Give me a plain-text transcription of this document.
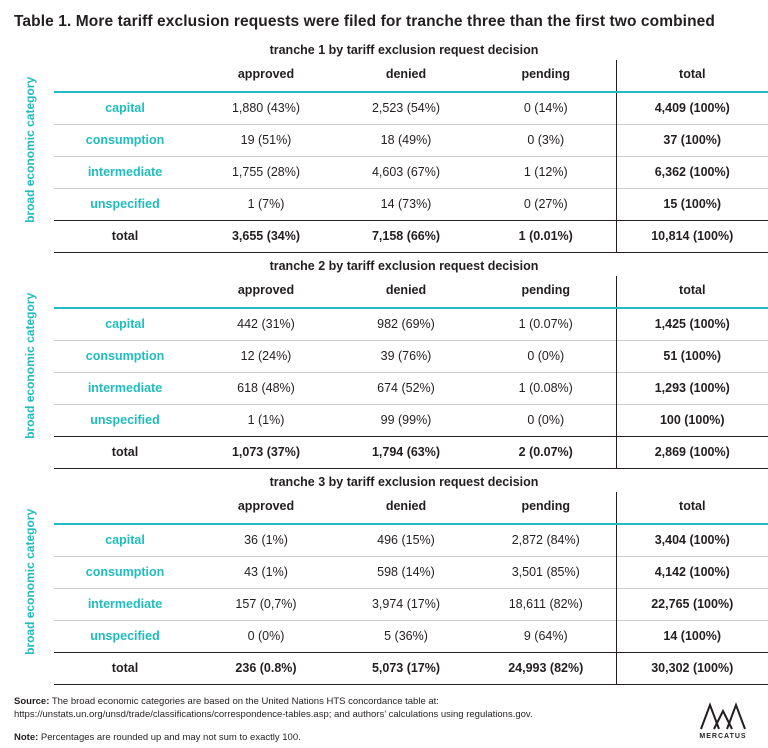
Table 1. More tariff exclusion requests were filed for tranche three than the first two combined
tranche 1 by tariff exclusion request decision
broad economic category
	approved	denied	pending	total
capital	1,880 (43%)	2,523 (54%)	0 (14%)	4,409 (100%)
consumption	19 (51%)	18 (49%)	0 (3%)	37 (100%)
intermediate	1,755 (28%)	4,603 (67%)	1 (12%)	6,362 (100%)
unspecified	1 (7%)	14 (73%)	0 (27%)	15 (100%)
total	3,655 (34%)	7,158 (66%)	1 (0.01%)	10,814 (100%)
tranche 2 by tariff exclusion request decision
broad economic category
	approved	denied	pending	total
capital	442 (31%)	982 (69%)	1 (0.07%)	1,425 (100%)
consumption	12 (24%)	39 (76%)	0 (0%)	51 (100%)
intermediate	618 (48%)	674 (52%)	1 (0.08%)	1,293 (100%)
unspecified	1 (1%)	99 (99%)	0 (0%)	100 (100%)
total	1,073 (37%)	1,794 (63%)	2 (0.07%)	2,869 (100%)
tranche 3 by tariff exclusion request decision
broad economic category
	approved	denied	pending	total
capital	36 (1%)	496 (15%)	2,872 (84%)	3,404 (100%)
consumption	43 (1%)	598 (14%)	3,501 (85%)	4,142 (100%)
intermediate	157 (0,7%)	3,974 (17%)	18,611 (82%)	22,765 (100%)
unspecified	0 (0%)	5 (36%)	9 (64%)	14 (100%)
total	236 (0.8%)	5,073 (17%)	24,993 (82%)	30,302 (100%)
Source: The broad economic categories are based on the United Nations HTS concordance table at: https://unstats.un.org/unsd/trade/classifications/correspondence-tables.asp; and authors’ calculations using regulations.gov.
Note: Percentages are rounded up and may not sum to exactly 100.	MERCATUS
